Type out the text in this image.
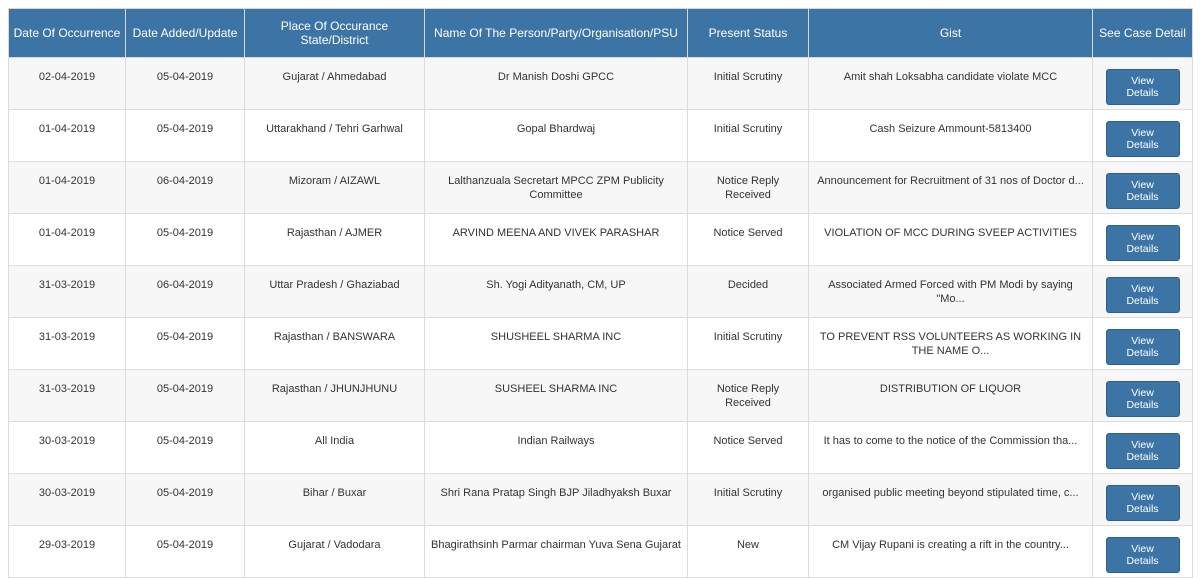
Date Of Occurrence	Date Added/Update	Place Of Occurance State/District	Name Of The Person/Party/Organisation/PSU	Present Status	Gist	See Case Detail
02-04-2019	05-04-2019	Gujarat / Ahmedabad	Dr Manish Doshi GPCC	Initial Scrutiny	Amit shah Loksabha candidate violate MCC	View Details
01-04-2019	05-04-2019	Uttarakhand / Tehri Garhwal	Gopal Bhardwaj	Initial Scrutiny	Cash Seizure Ammount-5813400	View Details
01-04-2019	06-04-2019	Mizoram / AIZAWL	Lalthanzuala Secretart MPCC ZPM Publicity Committee	Notice Reply Received	Announcement for Recruitment of 31 nos of Doctor d...	View Details
01-04-2019	05-04-2019	Rajasthan / AJMER	ARVIND MEENA AND VIVEK PARASHAR	Notice Served	VIOLATION OF MCC DURING SVEEP ACTIVITIES	View Details
31-03-2019	06-04-2019	Uttar Pradesh / Ghaziabad	Sh. Yogi Adityanath, CM, UP	Decided	Associated Armed Forced with PM Modi by saying "Mo...	View Details
31-03-2019	05-04-2019	Rajasthan / BANSWARA	SHUSHEEL SHARMA INC	Initial Scrutiny	TO PREVENT RSS VOLUNTEERS AS WORKING IN THE NAME O...	View Details
31-03-2019	05-04-2019	Rajasthan / JHUNJHUNU	SUSHEEL SHARMA INC	Notice Reply Received	DISTRIBUTION OF LIQUOR	View Details
30-03-2019	05-04-2019	All India	Indian Railways	Notice Served	It has to come to the notice of the Commission tha...	View Details
30-03-2019	05-04-2019	Bihar / Buxar	Shri Rana Pratap Singh BJP Jiladhyaksh Buxar	Initial Scrutiny	organised public meeting beyond stipulated time, c...	View Details
29-03-2019	05-04-2019	Gujarat / Vadodara	Bhagirathsinh Parmar chairman Yuva Sena Gujarat	New	CM Vijay Rupani is creating a rift in the country...	View Details
